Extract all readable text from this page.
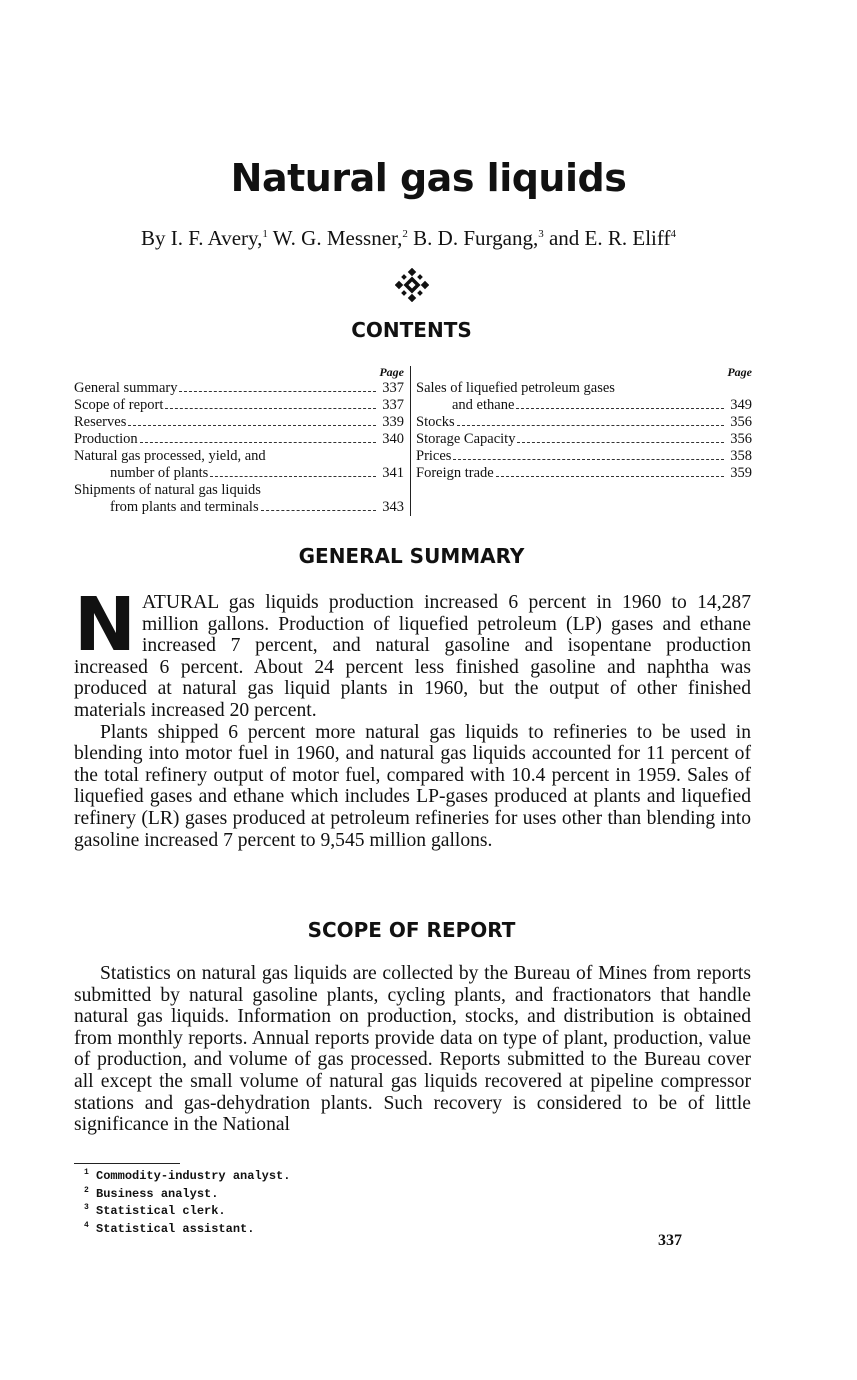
Natural gas liquids

By I. F. Avery,$^1$ W. G. Messner,$^2$ B. D. Furgang,$^3$ and E. R. Eliff$^4$

CONTENTS
Page
General summary	337
Scope of report	337
Reserves	339
Production	340
Natural gas processed, yield, and
number of plants	341
Shipments of natural gas liquids
from plants and terminals	343
Page
Sales of liquefied petroleum gases
and ethane	349
Stocks	356
Storage Capacity	356
Prices	358
Foreign trade	359
GENERAL SUMMARY

NATURAL gas liquids production increased 6 percent in 1960 to 14,287 million gallons. Production of liquefied petroleum (LP) gases and ethane increased 7 percent, and natural gasoline and isopentane production increased 6 percent. About 24 percent less finished gasoline and naphtha was produced at natural gas liquid plants in 1960, but the output of other finished materials increased 20 percent.

Plants shipped 6 percent more natural gas liquids to refineries to be used in blending into motor fuel in 1960, and natural gas liquids accounted for 11 percent of the total refinery output of motor fuel, compared with 10.4 percent in 1959. Sales of liquefied gases and ethane which includes LP-gases produced at plants and liquefied refinery (LR) gases produced at petroleum refineries for uses other than blending into gasoline increased 7 percent to 9,545 million gallons.

SCOPE OF REPORT

Statistics on natural gas liquids are collected by the Bureau of Mines from reports submitted by natural gasoline plants, cycling plants, and fractionators that handle natural gas liquids. Information on production, stocks, and distribution is obtained from monthly reports. Annual reports provide data on type of plant, production, value of production, and volume of gas processed. Reports submitted to the Bureau cover all except the small volume of natural gas liquids recovered at pipeline compressor stations and gas-dehydration plants. Such recovery is considered to be of little significance in the National

$^1$ Commodity-industry analyst.
$^2$ Business analyst.
$^3$ Statistical clerk.
$^4$ Statistical assistant.

337
